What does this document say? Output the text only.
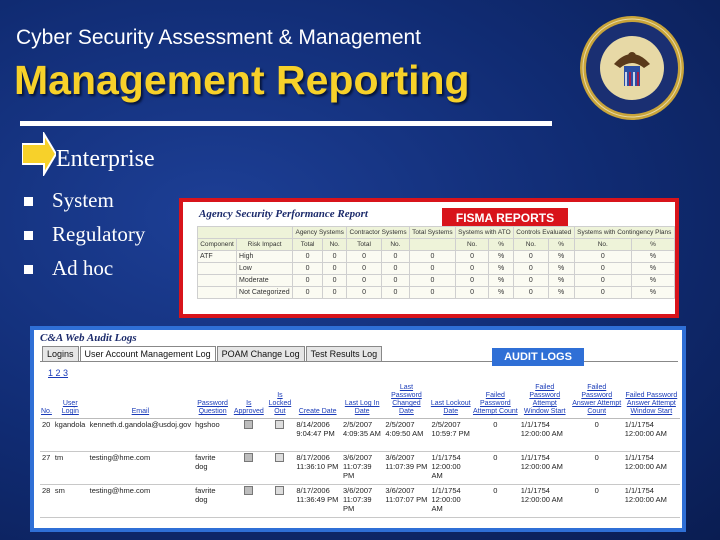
Cyber Security Assessment & Management
Management Reporting
Enterprise
System
Regulatory
Ad hoc
Agency Security Performance Report	FISMA REPORTS
		Agency Systems		Contractor Systems		Total Systems	Systems with ATO		Controls Evaluated		Systems with Contingency Plans	
Component	Risk Impact	Total	No.	Total	No.		No.	%	No.	%	No.	%
ATF	High	0	0	0	0	0	0	%	0	%	0	%
	Low	0	0	0	0	0	0	%	0	%	0	%
	Moderate	0	0	0	0	0	0	%	0	%	0	%
	Not Categorized	0	0	0	0	0	0	%	0	%	0	%
C&A Web Audit Logs
Logins	User Account Management Log	POAM Change Log	Test Results Log	AUDIT LOGS
1 2 3
No.	User Login	Email	Password Question	Is Approved	Is Locked Out	Create Date	Last Log In Date	Last Password Changed Date	Last Lockout Date	Failed Password Attempt Count	Failed Password Attempt Window Start	Failed Password Answer Attempt Count	Failed Password Answer Attempt Window Start
20	kgandola	kenneth.d.gandola@usdoj.gov	hgshoo			8/14/2006 9:04:47 PM	2/5/2007 4:09:35 AM	2/5/2007 4:09:50 AM	2/5/2007 10:59:7 PM	0	1/1/1754 12:00:00 AM	0	1/1/1754 12:00:00 AM
27	tm	testing@hme.com	favrite dog			8/17/2006 11:36:10 PM	3/6/2007 11:07:39 PM	3/6/2007 11:07:39 PM	1/1/1754 12:00:00 AM	0	1/1/1754 12:00:00 AM	0	1/1/1754 12:00:00 AM
28	sm	testing@hme.com	favrite dog			8/17/2006 11:36:49 PM	3/6/2007 11:07:39 PM	3/6/2007 11:07:07 PM	1/1/1754 12:00:00 AM	0	1/1/1754 12:00:00 AM	0	1/1/1754 12:00:00 AM
